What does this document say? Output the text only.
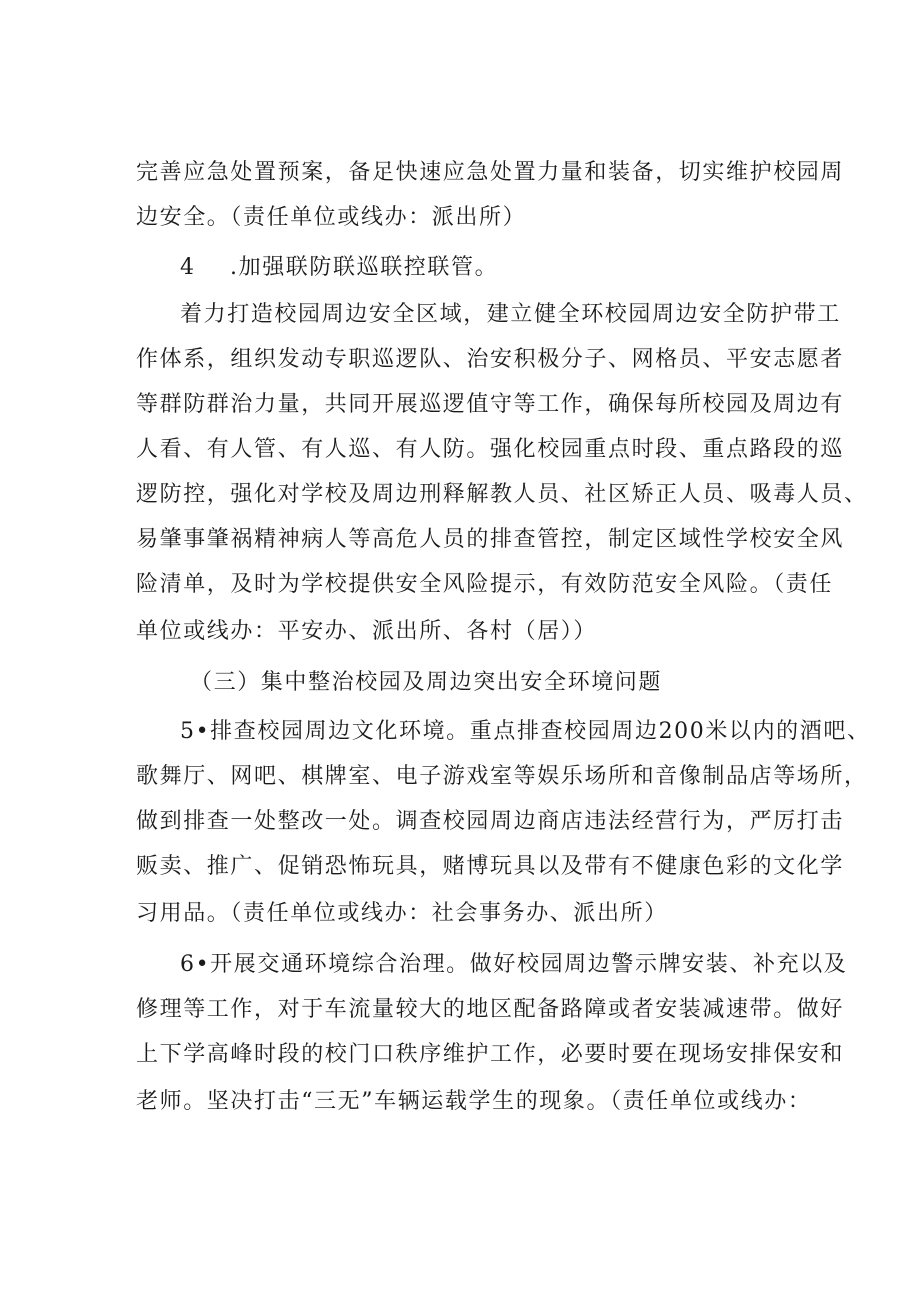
完善应急处置预案，备足快速应急处置力量和装备，切实维护校园周
边安全。（责任单位或线办：派出所）
4 .加强联防联巡联控联管。
着力打造校园周边安全区域，建立健全环校园周边安全防护带工
作体系，组织发动专职巡逻队、治安积极分子、网格员、平安志愿者
等群防群治力量，共同开展巡逻值守等工作，确保每所校园及周边有
人看、有人管、有人巡、有人防。强化校园重点时段、重点路段的巡
逻防控，强化对学校及周边刑释解教人员、社区矫正人员、吸毒人员、
易肇事肇祸精神病人等高危人员的排查管控，制定区域性学校安全风
险清单，及时为学校提供安全风险提示，有效防范安全风险。（责任
单位或线办：平安办、派出所、各村（居））
（三）集中整治校园及周边突出安全环境问题
5•排查校园周边文化环境。重点排查校园周边200米以内的酒吧、
歌舞厅、网吧、棋牌室、电子游戏室等娱乐场所和音像制品店等场所，
做到排查一处整改一处。调查校园周边商店违法经营行为，严厉打击
贩卖、推广、促销恐怖玩具，赌博玩具以及带有不健康色彩的文化学
习用品。（责任单位或线办：社会事务办、派出所）
6•开展交通环境综合治理。做好校园周边警示牌安装、补充以及
修理等工作，对于车流量较大的地区配备路障或者安装减速带。做好
上下学高峰时段的校门口秩序维护工作，必要时要在现场安排保安和
老师。坚决打击“三无”车辆运载学生的现象。（责任单位或线办：
